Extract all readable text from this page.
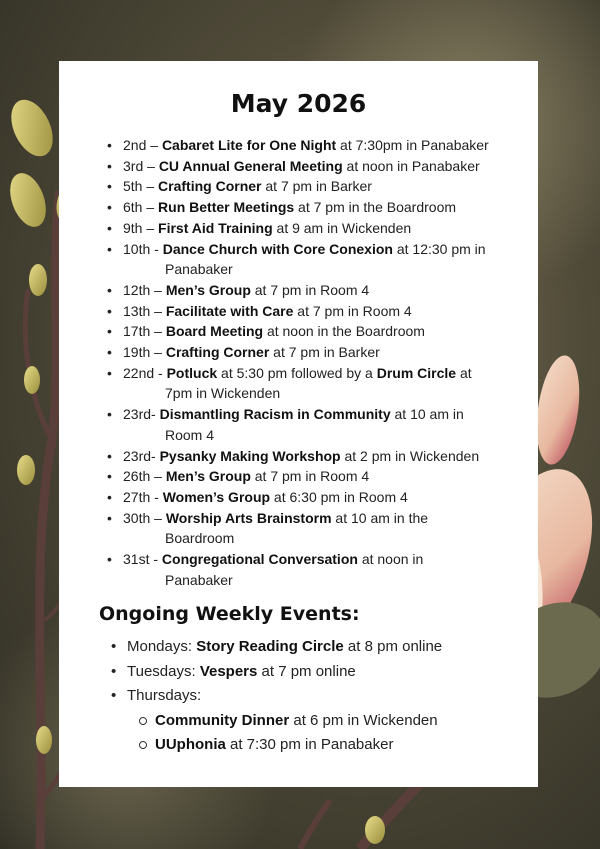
May 2026
• 2nd – Cabaret Lite for One Night at 7:30pm in Panabaker
• 3rd – CU Annual General Meeting at noon in Panabaker
• 5th – Crafting Corner at 7 pm in Barker
• 6th – Run Better Meetings at 7 pm in the Boardroom
• 9th – First Aid Training at 9 am in Wickenden
• 10th - Dance Church with Core Conexion at 12:30 pm in
Panabaker
• 12th – Men’s Group at 7 pm in Room 4
• 13th – Facilitate with Care at 7 pm in Room 4
• 17th – Board Meeting at noon in the Boardroom
• 19th – Crafting Corner at 7 pm in Barker
• 22nd - Potluck at 5:30 pm followed by a Drum Circle at
7pm in Wickenden
• 23rd- Dismantling Racism in Community at 10 am in
Room 4
• 23rd- Pysanky Making Workshop at 2 pm in Wickenden
• 26th – Men’s Group at 7 pm in Room 4
• 27th - Women’s Group at 6:30 pm in Room 4
• 30th – Worship Arts Brainstorm at 10 am in the
Boardroom
• 31st - Congregational Conversation at noon in
Panabaker
Ongoing Weekly Events:
• Mondays: Story Reading Circle at 8 pm online
• Tuesdays: Vespers at 7 pm online
• Thursdays:
Community Dinner at 6 pm in Wickenden
UUphonia at 7:30 pm in Panabaker
